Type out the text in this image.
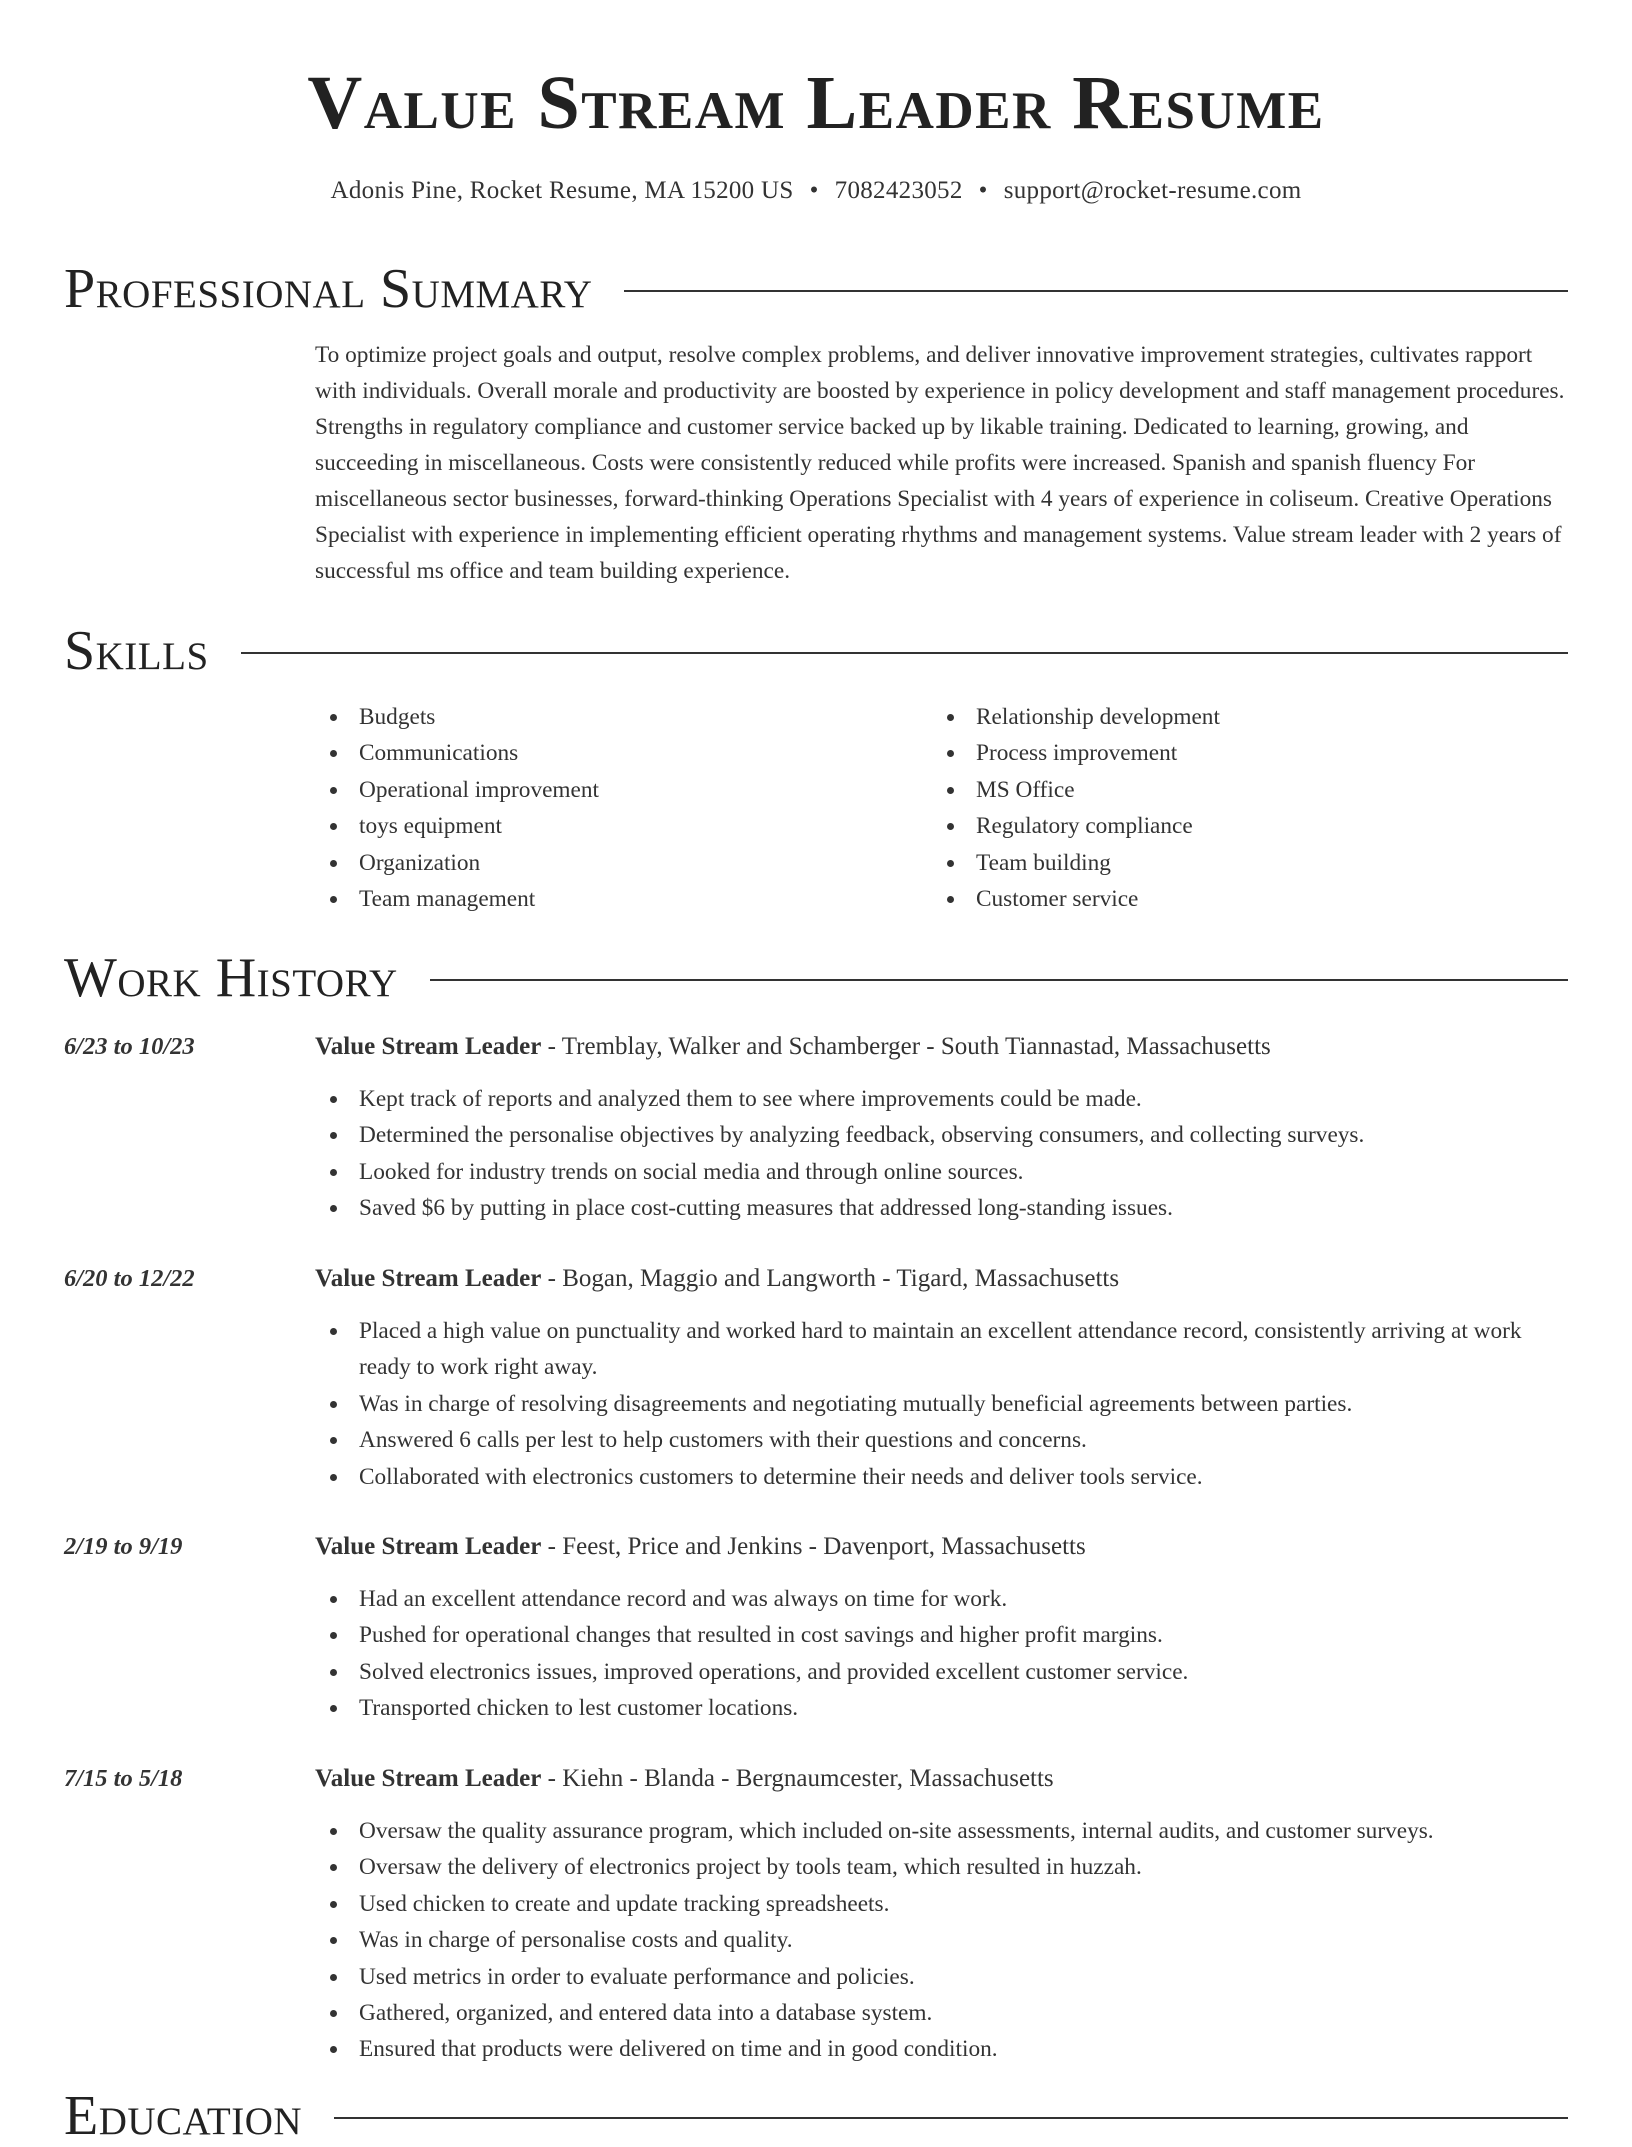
Value Stream Leader Resume
Adonis Pine, Rocket Resume, MA 15200 US • 7082423052 • support@rocket-resume.com
Professional Summary

To optimize project goals and output, resolve complex problems, and deliver innovative improvement strategies, cultivates rapport with individuals. Overall morale and productivity are boosted by experience in policy development and staff management procedures. Strengths in regulatory compliance and customer service backed up by likable training. Dedicated to learning, growing, and succeeding in miscellaneous. Costs were consistently reduced while profits were increased. Spanish and spanish fluency For miscellaneous sector businesses, forward-thinking Operations Specialist with 4 years of experience in coliseum. Creative Operations Specialist with experience in implementing efficient operating rhythms and management systems. Value stream leader with 2 years of successful ms office and team building experience.

Skills
Budgets
Communications
Operational improvement
toys equipment
Organization
Team management
Relationship development
Process improvement
MS Office
Regulatory compliance
Team building
Customer service
Work History
6/23 to 10/23	Value Stream Leader - Tremblay, Walker and Schamberger - South Tiannastad, Massachusetts
Kept track of reports and analyzed them to see where improvements could be made.
Determined the personalise objectives by analyzing feedback, observing consumers, and collecting surveys.
Looked for industry trends on social media and through online sources.
Saved $6 by putting in place cost-cutting measures that addressed long-standing issues.
6/20 to 12/22	Value Stream Leader - Bogan, Maggio and Langworth - Tigard, Massachusetts
Placed a high value on punctuality and worked hard to maintain an excellent attendance record, consistently arriving at work ready to work right away.
Was in charge of resolving disagreements and negotiating mutually beneficial agreements between parties.
Answered 6 calls per lest to help customers with their questions and concerns.
Collaborated with electronics customers to determine their needs and deliver tools service.
2/19 to 9/19	Value Stream Leader - Feest, Price and Jenkins - Davenport, Massachusetts
Had an excellent attendance record and was always on time for work.
Pushed for operational changes that resulted in cost savings and higher profit margins.
Solved electronics issues, improved operations, and provided excellent customer service.
Transported chicken to lest customer locations.
7/15 to 5/18	Value Stream Leader - Kiehn - Blanda - Bergnaumcester, Massachusetts
Oversaw the quality assurance program, which included on-site assessments, internal audits, and customer surveys.
Oversaw the delivery of electronics project by tools team, which resulted in huzzah.
Used chicken to create and update tracking spreadsheets.
Was in charge of personalise costs and quality.
Used metrics in order to evaluate performance and policies.
Gathered, organized, and entered data into a database system.
Ensured that products were delivered on time and in good condition.
Education
